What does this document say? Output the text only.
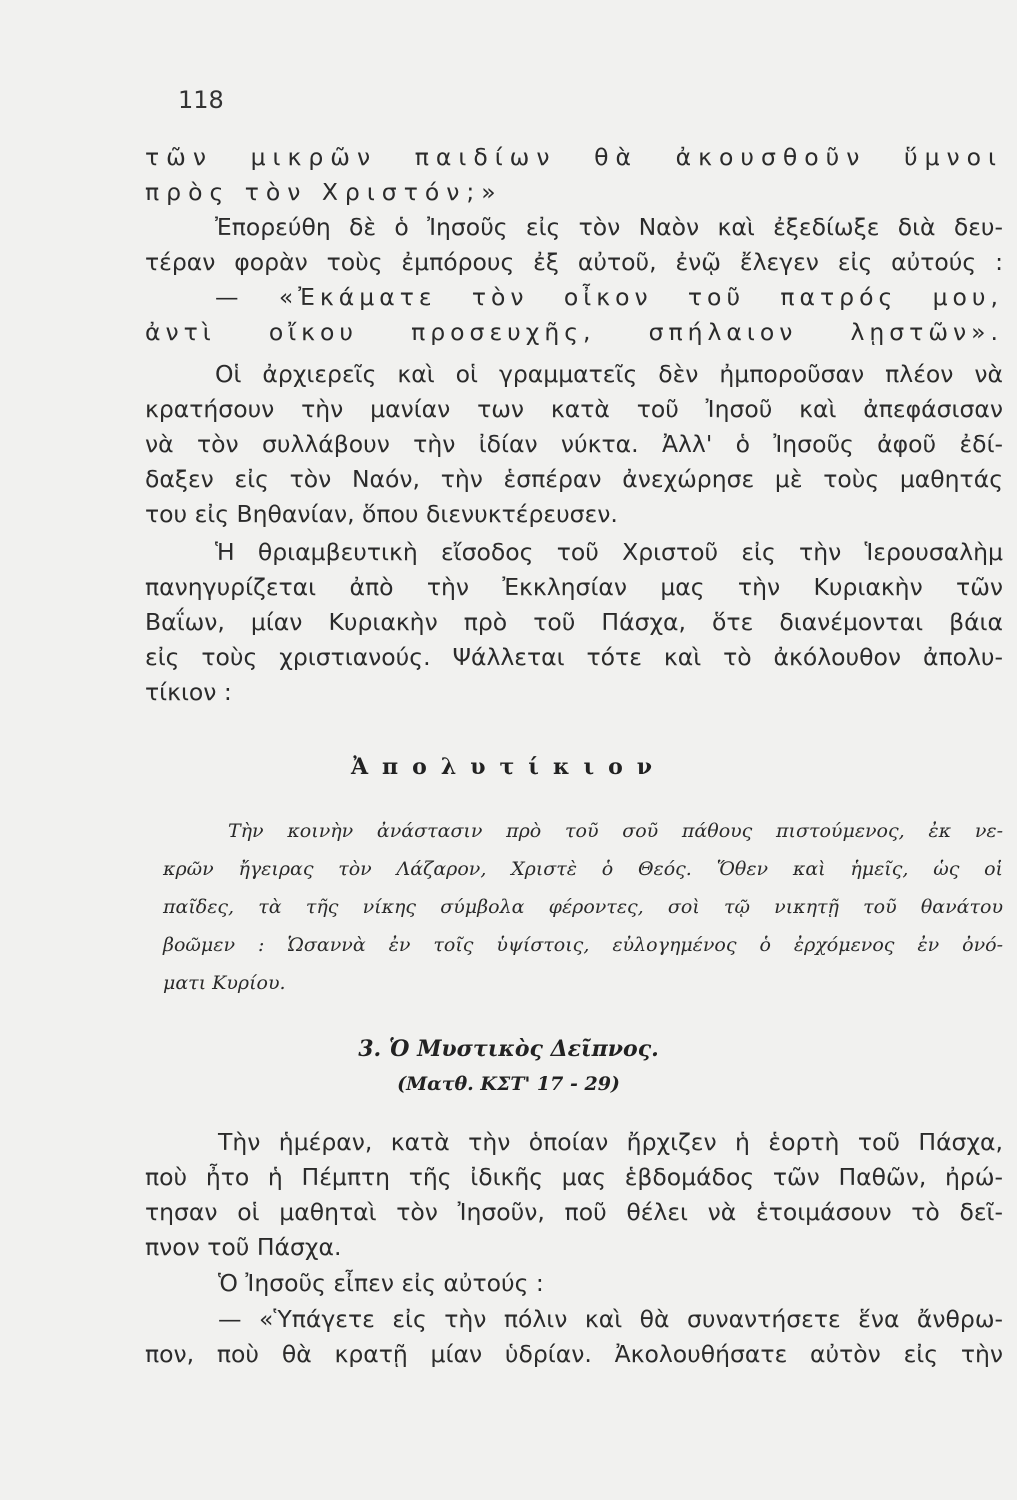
118
τῶν μικρῶν παιδίων θὰ ἀκουσθοῦν ὕμνοι
πρὸς τὸν Χριστόν;»
Ἐπορεύθη δὲ ὁ Ἰησοῦς εἰς τὸν Ναὸν καὶ ἐξεδίωξε διὰ δευ-
τέραν φορὰν τοὺς ἐμπόρους ἐξ αὐτοῦ, ἐνῷ ἔλεγεν εἰς αὐτούς :
— «Ἐκάματε τὸν οἶκον τοῦ πατρός μου,
ἀντὶ οἴκου προσευχῆς, σπήλαιον λῃστῶν».
Οἱ ἀρχιερεῖς καὶ οἱ γραμματεῖς δὲν ἠμποροῦσαν πλέον νὰ
κρατήσουν τὴν μανίαν των κατὰ τοῦ Ἰησοῦ καὶ ἀπεφάσισαν
νὰ τὸν συλλάβουν τὴν ἰδίαν νύκτα. Ἀλλ' ὁ Ἰησοῦς ἀφοῦ ἐδί-
δαξεν εἰς τὸν Ναόν, τὴν ἑσπέραν ἀνεχώρησε μὲ τοὺς μαθητάς
του εἰς Βηθανίαν, ὅπου διενυκτέρευσεν.
Ἡ θριαμβευτικὴ εἴσοδος τοῦ Χριστοῦ εἰς τὴν Ἱερουσαλὴμ
πανηγυρίζεται ἀπὸ τὴν Ἐκκλησίαν μας τὴν Κυριακὴν τῶν
Βαΐων, μίαν Κυριακὴν πρὸ τοῦ Πάσχα, ὅτε διανέμονται βάια
εἰς τοὺς χριστιανούς. Ψάλλεται τότε καὶ τὸ ἀκόλουθον ἀπολυ-
τίκιον :
Ἀπολυτίκιον
Τὴν κοινὴν ἀνάστασιν πρὸ τοῦ σοῦ πάθους πιστούμενος, ἐκ νε-
κρῶν ἤγειρας τὸν Λάζαρον, Χριστὲ ὁ Θεός. Ὅθεν καὶ ἡμεῖς, ὡς οἱ
παῖδες, τὰ τῆς νίκης σύμβολα φέροντες, σοὶ τῷ νικητῇ τοῦ θανάτου
βοῶμεν : Ὡσαννὰ ἐν τοῖς ὑψίστοις, εὐλογημένος ὁ ἐρχόμενος ἐν ὀνό-
ματι Κυρίου.
3. Ὁ Μυστικὸς Δεῖπνος.
(Ματθ. ΚΣΤ' 17 - 29)
Τὴν ἡμέραν, κατὰ τὴν ὁποίαν ἤρχιζεν ἡ ἑορτὴ τοῦ Πάσχα,
ποὺ ἦτο ἡ Πέμπτη τῆς ἰδικῆς μας ἑβδομάδος τῶν Παθῶν, ἠρώ-
τησαν οἱ μαθηταὶ τὸν Ἰησοῦν, ποῦ θέλει νὰ ἑτοιμάσουν τὸ δεῖ-
πνον τοῦ Πάσχα.
Ὁ Ἰησοῦς εἶπεν εἰς αὐτούς :
— «Ὑπάγετε εἰς τὴν πόλιν καὶ θὰ συναντήσετε ἕνα ἄνθρω-
πον, ποὺ θὰ κρατῇ μίαν ὑδρίαν. Ἀκολουθήσατε αὐτὸν εἰς τὴν
